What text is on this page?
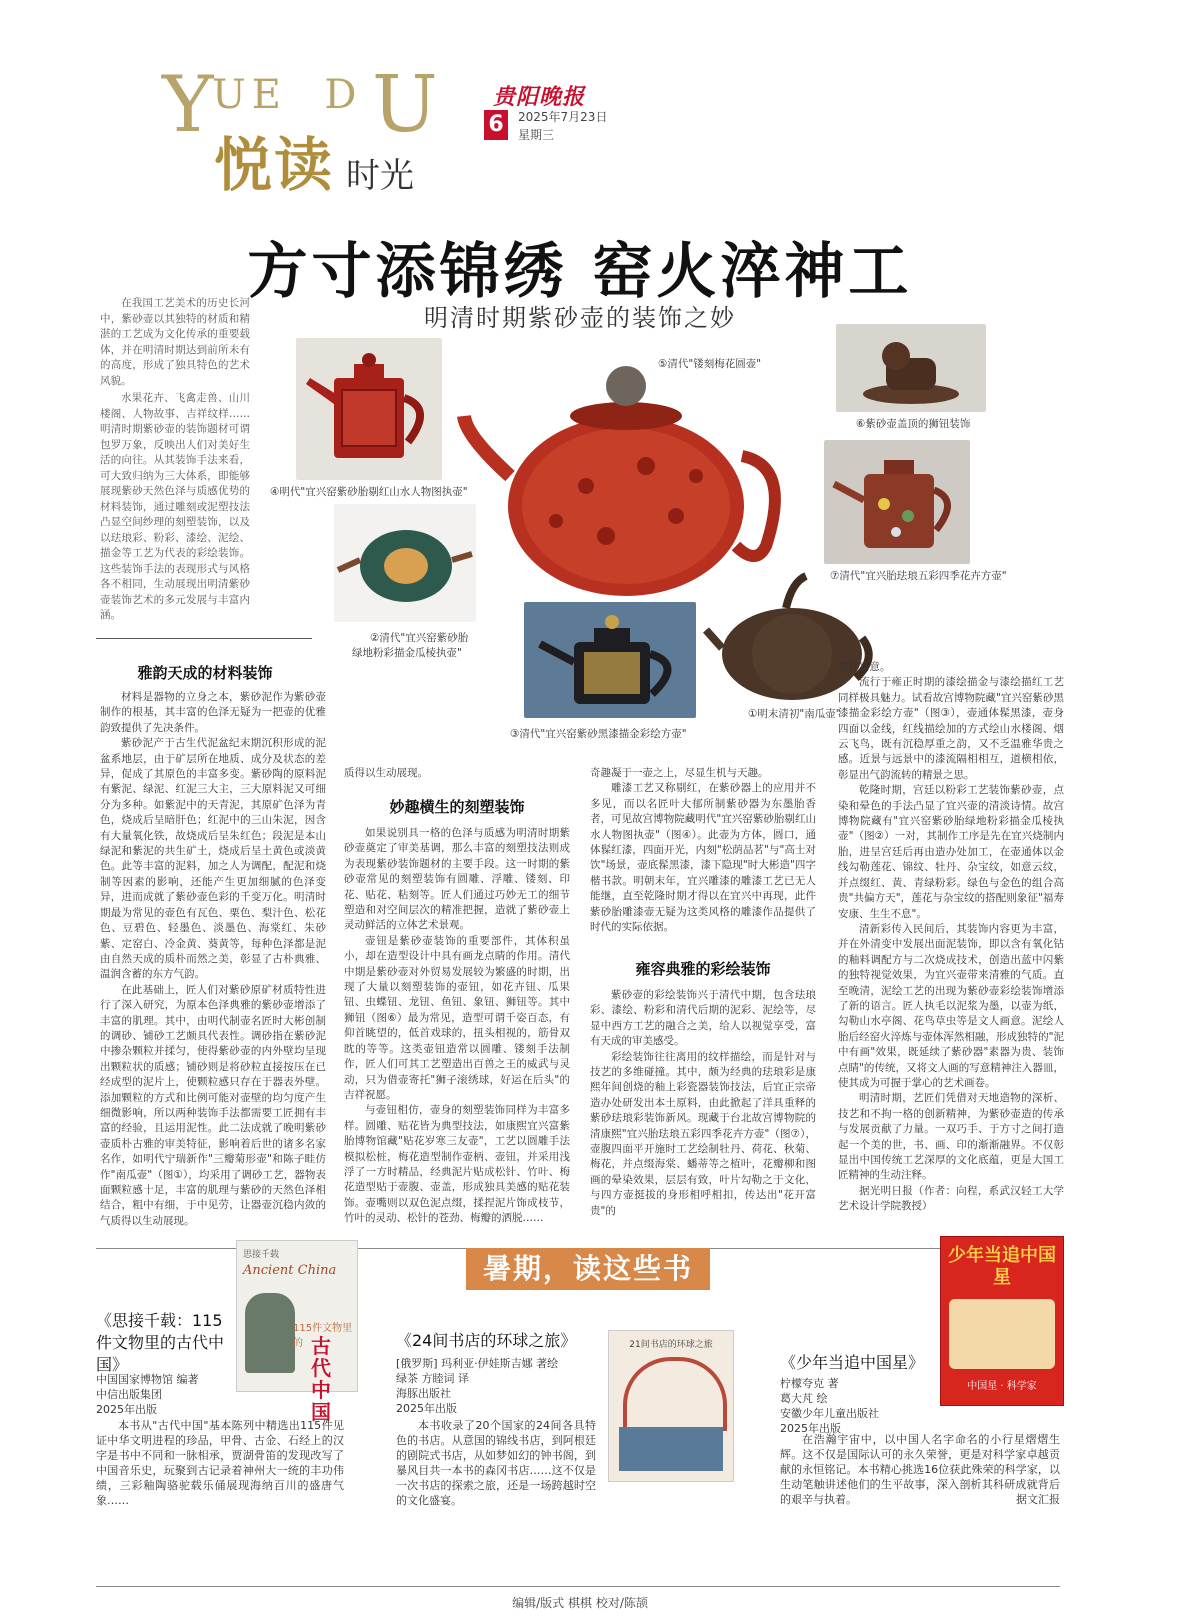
Y
UE  D U
悦读 时光
贵阳晚报
6	2025年7月23日
星期三
方寸添锦绣 窑火淬神工
明清时期紫砂壶的装饰之妙

在我国工艺美术的历史长河中，紫砂壶以其独特的材质和精湛的工艺成为文化传承的重要载体，并在明清时期达到前所未有的高度，形成了独具特色的艺术风貌。

水果花卉、飞禽走兽、山川楼阁、人物故事、吉祥纹样……明清时期紫砂壶的装饰题材可谓包罗万象，反映出人们对美好生活的向往。从其装饰手法来看，可大致归纳为三大体系，即能够展现紫砂天然色泽与质感优势的材料装饰，通过雕刻或泥塑技法凸显空间纱理的刻塑装饰，以及以珐琅彩、粉彩、漆绘、泥绘、描金等工艺为代表的彩绘装饰。这些装饰手法的表现形式与风格各不相同，生动展现出明清紫砂壶装饰艺术的多元发展与丰富内涵。

④明代"宜兴窑紫砂胎剔红山水人物图执壶"
⑤清代"镂刻梅花圆壶"
⑥紫砂壶盖顶的狮钮装饰
⑦清代"宜兴胎珐琅五彩四季花卉方壶"
②清代"宜兴窑紫砂胎
绿地粉彩描金瓜棱执壶"
③清代"宜兴窑紫砂黑漆描金彩绘方壶"
①明末清初"南瓜壶"
雅韵天成的材料装饰

材料是器物的立身之本，紫砂泥作为紫砂壶制作的根基，其丰富的色泽无疑为一把壶的优雅韵致提供了先决条件。

紫砂泥产于古生代泥盆纪末期沉积形成的泥盆系地层，由于矿层所在地质、成分及状态的差异，促成了其原色的丰富多变。紫砂陶的原料泥有紫泥、绿泥、红泥三大主，三大原料泥又可细分为多种。如紫泥中的天青泥，其原矿色泽为青色，烧成后呈暗肝色；红泥中的三山朱泥，因含有大量氧化铁，故烧成后呈朱红色；段泥是本山绿泥和紫泥的共生矿土，烧成后呈土黄色或淡黄色。此等丰富的泥料，加之人为调配，配泥和烧制等因素的影响，还能产生更加细腻的色泽变异，进而成就了紫砂壶色彩的千变万化。明清时期最为常见的壶色有瓦色、栗色、梨汁色、松花色、豆碧色、轻墨色、淡墨色、海棠红、朱砂紫、定窑白、冷金黄、葵黄等，每种色泽都是泥由自然天成的质朴而然之美，彰显了古朴典雅、温润含蓄的东方气韵。

在此基础上，匠人们对紫砂原矿材质特性进行了深入研究，为原本色泽典雅的紫砂壶增添了丰富的肌理。其中，由明代制壶名匠时大彬创制的调砂、铺砂工艺颇具代表性。调砂指在紫砂泥中掺杂颗粒并揉匀，使得紫砂壶的内外壁均呈现出颗粒状的质感；铺砂则是将砂粒直接按压在已经成型的泥片上，使颗粒感只存在于器表外壁。添加颗粒的方式和比例可能对壶壁的均匀度产生细微影响，所以两种装饰手法都需要工匠拥有丰富的经验，且运用泥性。此二法成就了晚明紫砂壶质朴古雅的审美特征，影响着后世的诸多名家名作，如明代宁瑞新作"三瓣菊形壶"和陈子畦仿作"南瓜壶"（图①），均采用了调砂工艺，器物表面颗粒感十足，丰富的肌理与紫砂的天然色泽相结合，粗中有细，于中见劳，让器壶沉稳内敛的气质得以生动展现。

质得以生动展现。

妙趣横生的刻塑装饰

如果说别具一格的色泽与质感为明清时期紫砂壶奠定了审美基调，那么丰富的刻塑技法则成为表现紫砂装饰题材的主要手段。这一时期的紫砂壶常见的刻塑装饰有圆雕、浮雕、镂刻、印花、贴花、粘刻等。匠人们通过巧妙无工的细节塑造和对空间层次的精准把握，造就了紫砂壶上灵动鲜活的立体艺术景观。

壶钮是紫砂壶装饰的重要部件，其体积虽小，却在造型设计中具有画龙点睛的作用。清代中期是紫砂壶对外贸易发展较为繁盛的时期，出现了大量以刻塑装饰的壶钮，如花卉钮、瓜果钮、虫蝶钮、龙钮、鱼钮、象钮、狮钮等。其中狮钮（图⑥）最为常见，造型可谓千姿百态，有仰首眺望的，低首戏球的，扭头相视的，筋骨双眈的等等。这类壶钮造常以圆雕、镂刻手法制作，匠人们可其工艺塑造出百兽之王的威武与灵动，只为借壶寄托"狮子滚绣球，好运在后头"的吉祥祝愿。

与壶钮相仿，壶身的刻塑装饰同样为丰富多样。圆雕、贴花皆为典型技法，如康熙宜兴富紫胎博物馆藏"贴花岁寒三友壶"，工艺以圆雕手法模拟松桩，梅花造型制作壶柄、壶钮，并采用浅浮了一方时精品，经典泥片贴成松针、竹叶、梅花造型贴于壶腹、壶盖，形成独具美感的贴花装饰。壶嘴则以双色泥点缀，揉捏泥片饰成枝节，竹叶的灵动、松针的苍劲、梅瓣的洒脱……

奇趣凝于一壶之上，尽显生机与天趣。

雕漆工艺又称剔红，在紫砂器上的应用并不多见，而以名匠叶大郁所制紫砂器为东墨胎香者，可见故宫博物院藏明代"宜兴窑紫砂胎剔红山水人物图执壶"（图④）。此壶为方体，圆口，通体髹红漆，四面开光，内刻"松荫品茗"与"高士对饮"场景，壶底髹黑漆，漆下隐现"时大彬造"四字楷书款。明朝末年，宜兴雕漆的雕漆工艺已无人能继，直至乾隆时期才得以在宜兴中再现，此件紫砂胎雕漆壶无疑为这类风格的雕漆作品提供了时代的实际依据。

雍容典雅的彩绘装饰

紫砂壶的彩绘装饰兴于清代中期，包含珐琅彩、漆绘、粉彩和清代后期的泥彩、泥绘等，尽显中西方工艺的融合之美，给人以视觉享受，富有天成的审美感受。

彩绘装饰往往离用的纹样描绘，而是针对与技艺的多维碰撞。其中，颇为经典的珐琅彩是康熙年间创烧的釉上彩瓷器装饰技法，后宜正宗帝造办处研发出本土原料，由此掀起了洋具重释的紫砂珐琅彩装饰新风。现藏于台北故宫博物院的清康熙"宜兴胎珐琅五彩四季花卉方壶"（图⑦），壶腹四面平开施时工艺绘制牡丹、荷花、秋菊、梅花，并点缀海棠、蟠蒂等之植叶，花瓣柳和图画的晕染效果，层层有致，叶片勾勒之于文化，与四方壶挺拔的身形相呼相扣，传达出"花开富贵"的

美好寓意。

流行于雍正时期的漆绘描金与漆绘描红工艺同样极具魅力。试看故宫博物院藏"宜兴窑紫砂黑漆描金彩绘方壶"（图③），壶通体髹黑漆，壶身四面以金线，红线描绘加的方式绘山水楼阁、烟云飞鸟，既有沉稳厚重之韵，又不乏温雅华贵之感。近景与远景中的漆流隔相相互，道横相依，彰显出气韵流转的精景之思。

乾隆时期，宫廷以粉彩工艺装饰紫砂壶，点染和晕色的手法凸显了宜兴壶的清淡诗情。故宫博物院藏有"宜兴窑紫砂胎绿地粉彩描金瓜棱执壶"（图②）一对，其制作工序是先在宜兴烧制内胎，进呈宫廷后再由造办处加工，在壶通体以金线勾勒莲花、锦纹、牡丹、杂宝纹，如意云纹，并点缀红、黄、青绿粉彩。绿色与金色的组合高贵"共偏方天"，莲花与杂宝纹的搭配则象征"福寿安康、生生不息"。

清新彩传入民间后，其装饰内容更为丰富，并在外清变中发展出面泥装饰，即以含有氧化钴的釉料调配方与二次烧成技术，创造出蓝中闪紫的独特视觉效果，为宜兴壶带来清雅的气质。直至晚清，泥绘工艺的出现为紫砂壶彩绘装饰增添了新的语言。匠人执毛以泥浆为墨，以壶为纸，勾勒山水亭阁、花鸟草虫等是文人画意。泥绘人胎后经窑火淬炼与壶体浑然相融，形成独特的"泥中有画"效果，既延续了紫砂器"素器为贵、装饰点睛"的传统，又将文人画的写意精神注入器皿，使其成为可握于掌心的艺术画卷。

明清时期，艺匠们凭借对天地造物的深析、技艺和不拘一格的创新精神，为紫砂壶造的传承与发展贡献了力量。一双巧手、于方寸之间打造起一个美的世，书、画、印的渐渐融界。不仅彰显出中国传统工艺深厚的文化底蕴，更是大国工匠精神的生动注释。

据光明日报（作者：向程，系武汉轻工大学艺术设计学院教授）

暑期，读这些书
思接千载
Ancient China
115件文物里的 古代中国
《思接千载：115件文物里的古代中国》
中国国家博物馆 编著
中信出版集团
2025年出版
本书从"古代中国"基本陈列中精选出115件见证中华文明进程的珍品，甲骨、古金、石经上的汉字是书中不同和一脉相承，贾湖骨笛的发现改写了中国音乐史，玩聚到古记录着神州大一统的丰功伟绩，三彩釉陶骆驼载乐俑展现海纳百川的盛唐气象……
《24间书店的环球之旅》
[俄罗斯] 玛利亚·伊娃斯吉娜 著绘
绿茶 方睦词 译
海豚出版社
2025年出版
本书收录了20个国家的24间各具特色的书店。从意国的锦线书店，到阿根廷的剧院式书店，从如梦如幻的钟书阁，到暴风目共一本书的森冈书店……这不仅是一次书店的探索之旅，还是一场跨越时空的文化盛宴。
21间书店的环球之旅
少年当追中国星
中国星 · 科学家
《少年当追中国星》
柠檬夸克 著
葛大芃 绘
安徽少年儿童出版社
2025年出版
在浩瀚宇宙中，以中国人名字命名的小行星熠熠生辉。这不仅是国际认可的永久荣誉，更是对科学家卓越贡献的永恒铭记。本书精心挑选16位获此殊荣的科学家，以生动笔触讲述他们的生平故事，深入剖析其科研成就背后的艰辛与执着。	据文汇报
编辑/版式 棋棋 校对/陈颉
